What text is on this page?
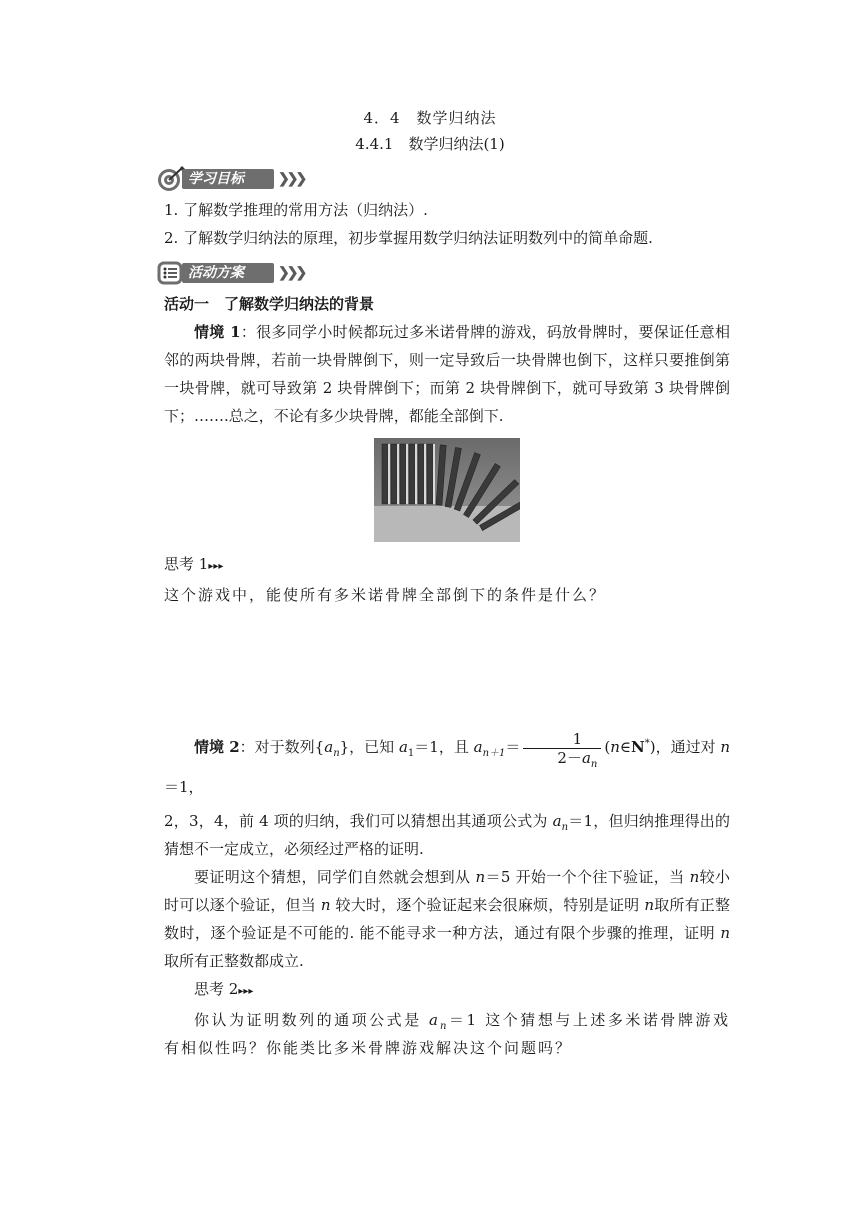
4．4　数学归纳法
4.4.1　数学归纳法(1)
学习目标	❯❯❯
1. 了解数学推理的常用方法（归纳法）.
2. 了解数学归纳法的原理，初步掌握用数学归纳法证明数列中的简单命题.
活动方案	❯❯❯
活动一　了解数学归纳法的背景
情境 1：很多同学小时候都玩过多米诺骨牌的游戏，码放骨牌时，要保证任意相邻的两块骨牌，若前一块骨牌倒下，则一定导致后一块骨牌也倒下，这样只要推倒第一块骨牌，就可导致第 2 块骨牌倒下；而第 2 块骨牌倒下，就可导致第 3 块骨牌倒下；…….总之，不论有多少块骨牌，都能全部倒下.
思考 1▸▸▸
这个游戏中，能使所有多米诺骨牌全部倒下的条件是什么？
情境 2：对于数列$\{a_n\}$，已知 $a_1=1$，且 $a_{n+1}= \frac{1}{2-a_n}$ (n∈N*)，通过对 n＝1，
2，3，4，前 4 项的归纳，我们可以猜想出其通项公式为 $a_n=1$，但归纳推理得出的猜想不一定成立，必须经过严格的证明.
要证明这个猜想，同学们自然就会想到从 n＝5 开始一个个往下验证，当 n较小时可以逐个验证，但当 n 较大时，逐个验证起来会很麻烦，特别是证明 n取所有正整数时，逐个验证是不可能的. 能不能寻求一种方法，通过有限个步骤的推理，证明 n 取所有正整数都成立.
思考 2▸▸▸
你认为证明数列的通项公式是 $a_n=1$ 这个猜想与上述多米诺骨牌游戏有相似性吗？你能类比多米骨牌游戏解决这个问题吗？
